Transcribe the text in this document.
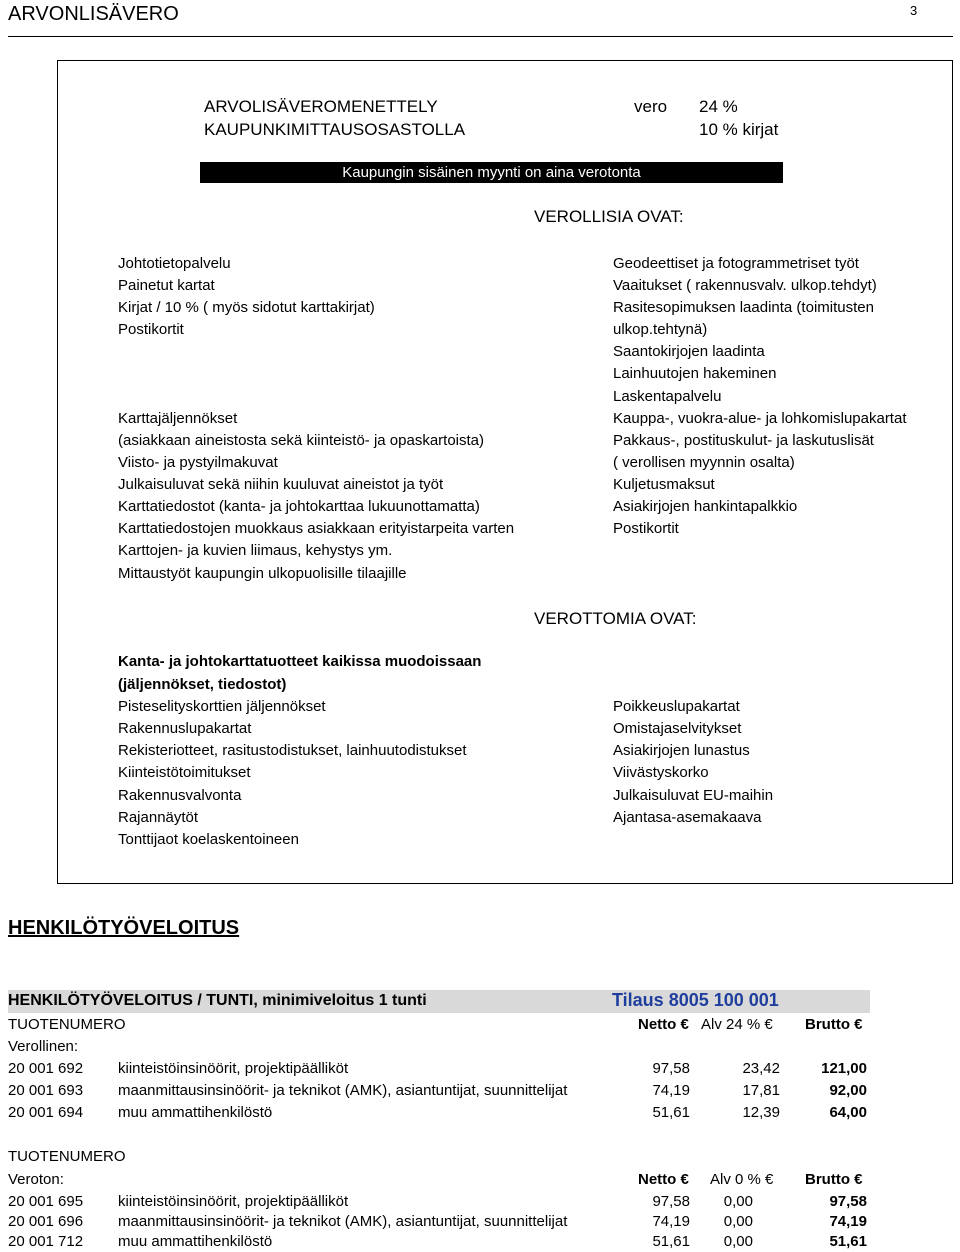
ARVONLISÄVERO	3
ARVOLISÄVEROMENETTELY
KAUPUNKIMITTAUSOSASTOLLA
vero 24 %
10 % kirjat
Kaupungin sisäinen myynti on aina verotonta
VEROLLISIA OVAT:
Johtotietopalvelu
Painetut kartat
Kirjat / 10 % ( myös sidotut karttakirjat)
Postikortit
Karttajäljennökset
(asiakkaan aineistosta sekä kiinteistö- ja opaskartoista)
Viisto- ja pystyilmakuvat
Julkaisuluvat sekä niihin kuuluvat aineistot ja työt
Karttatiedostot (kanta- ja johtokarttaa lukuunottamatta)
Karttatiedostojen muokkaus asiakkaan erityistarpeita varten
Karttojen- ja kuvien liimaus, kehystys ym.
Mittaustyöt kaupungin ulkopuolisille tilaajille
Geodeettiset ja fotogrammetriset työt
Vaaitukset ( rakennusvalv. ulkop.tehdyt)
Rasitesopimuksen laadinta (toimitusten
ulkop.tehtynä)
Saantokirjojen laadinta
Lainhuutojen hakeminen
Laskentapalvelu
Kauppa-, vuokra-alue- ja lohkomislupakartat
Pakkaus-, postituskulut- ja laskutuslisät
( verollisen myynnin osalta)
Kuljetusmaksut
Asiakirjojen hankintapalkkio
Postikortit
VEROTTOMIA OVAT:
Kanta- ja johtokarttatuotteet kaikissa muodoissaan
(jäljennökset, tiedostot)
Pisteselityskorttien jäljennökset
Rakennuslupakartat
Rekisteriotteet, rasitustodistukset, lainhuutodistukset
Kiinteistötoimitukset
Rakennusvalvonta
Rajannäytöt
Tonttijaot koelaskentoineen
Poikkeuslupakartat
Omistajaselvitykset
Asiakirjojen lunastus
Viivästyskorko
Julkaisuluvat EU-maihin
Ajantasa-asemakaava
HENKILÖTYÖVELOITUS
HENKILÖTYÖVELOITUS / TUNTI, minimiveloitus 1 tunti	Tilaus 8005 100 001
TUOTENUMERO	Netto € Alv 24 % € Brutto €
Verollinen:
20 001 692 kiinteistöinsinöörit, projektipäälliköt	97,58	23,42	121,00
20 001 693 maanmittausinsinöörit- ja teknikot (AMK), asiantuntijat, suunnittelijat	74,19	17,81	92,00
20 001 694 muu ammattihenkilöstö	51,61	12,39	64,00
TUOTENUMERO
Veroton:	Netto € Alv 0 % € Brutto €
20 001 695 kiinteistöinsinöörit, projektipäälliköt	97,58	0,00	97,58
20 001 696 maanmittausinsinöörit- ja teknikot (AMK), asiantuntijat, suunnittelijat	74,19	0,00	74,19
20 001 712 muu ammattihenkilöstö	51,61	0,00	51,61
